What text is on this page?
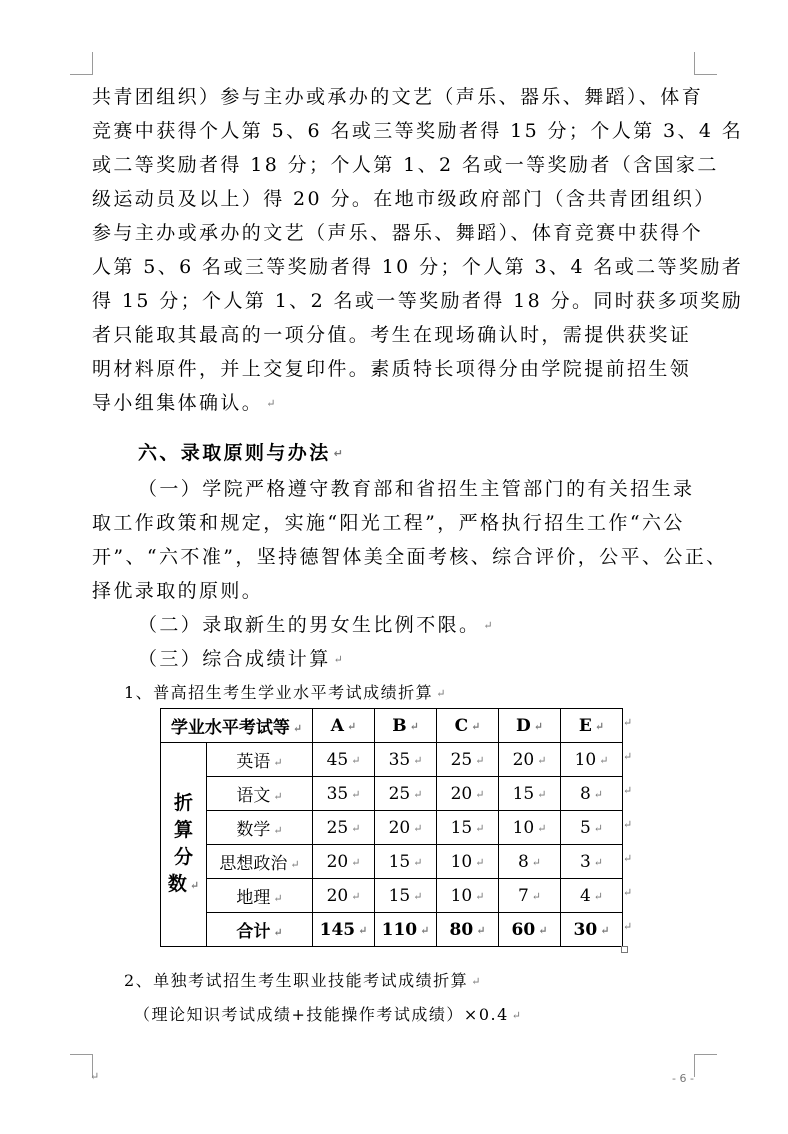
共青团组织）参与主办或承办的文艺（声乐、器乐、舞蹈）、体育
竞赛中获得个人第 5、6 名或三等奖励者得 15 分；个人第 3、4 名
或二等奖励者得 18 分；个人第 1、2 名或一等奖励者（含国家二
级运动员及以上）得 20 分。在地市级政府部门（含共青团组织）
参与主办或承办的文艺（声乐、器乐、舞蹈）、体育竞赛中获得个
人第 5、6 名或三等奖励者得 10 分；个人第 3、4 名或二等奖励者
得 15 分；个人第 1、2 名或一等奖励者得 18 分。同时获多项奖励
者只能取其最高的一项分值。考生在现场确认时，需提供获奖证
明材料原件，并上交复印件。素质特长项得分由学院提前招生领
导小组集体确认。 ↵
六、录取原则与办法 ↵
（一）学院严格遵守教育部和省招生主管部门的有关招生录
取工作政策和规定，实施“阳光工程”，严格执行招生工作“六公
开”、“六不准”，坚持德智体美全面考核、综合评价，公平、公正、
择优录取的原则。
（二）录取新生的男女生比例不限。 ↵
（三）综合成绩计算 ↵
1、普高招生考生学业水平考试成绩折算 ↵
学业水平考试等 ↵		A ↵	B ↵	C ↵	D ↵	E ↵

折
算
分
数 ↵	英语 ↵	45 ↵	35 ↵	25 ↵	20 ↵	10 ↵
	语文 ↵	35 ↵	25 ↵	20 ↵	15 ↵	8 ↵
	数学 ↵	25 ↵	20 ↵	15 ↵	10 ↵	5 ↵
	思想政治 ↵	20 ↵	15 ↵	10 ↵	8 ↵	3 ↵
	地理 ↵	20 ↵	15 ↵	10 ↵	7 ↵	4 ↵
	合计 ↵	145 ↵	110 ↵	80 ↵	60 ↵	30 ↵
↵
↵
↵
↵
↵
↵
↵
2、单独考试招生考生职业技能考试成绩折算 ↵
（理论知识考试成绩+技能操作考试成绩）×0.4 ↵
↵	- 6 -
